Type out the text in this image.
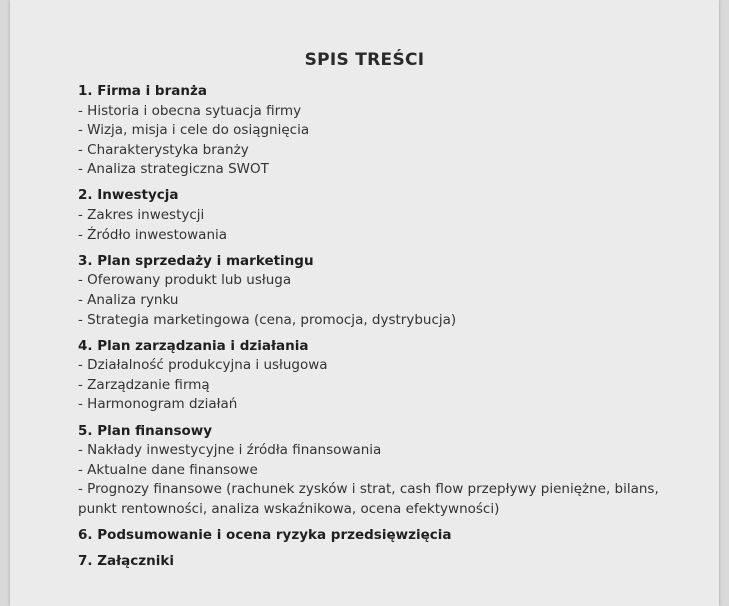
SPIS TREŚCI
1. Firma i branża
- Historia i obecna sytuacja firmy
- Wizja, misja i cele do osiągnięcia
- Charakterystyka branży
- Analiza strategiczna SWOT
2. Inwestycja
- Zakres inwestycji
- Źródło inwestowania
3. Plan sprzedaży i marketingu
- Oferowany produkt lub usługa
- Analiza rynku
- Strategia marketingowa (cena, promocja, dystrybucja)
4. Plan zarządzania i działania
- Działalność produkcyjna i usługowa
- Zarządzanie firmą
- Harmonogram działań
5. Plan finansowy
- Nakłady inwestycyjne i źródła finansowania
- Aktualne dane finansowe
- Prognozy finansowe (rachunek zysków i strat, cash flow przepływy pieniężne, bilans, punkt rentowności, analiza wskaźnikowa, ocena efektywności)
6. Podsumowanie i ocena ryzyka przedsięwzięcia
7. Załączniki
